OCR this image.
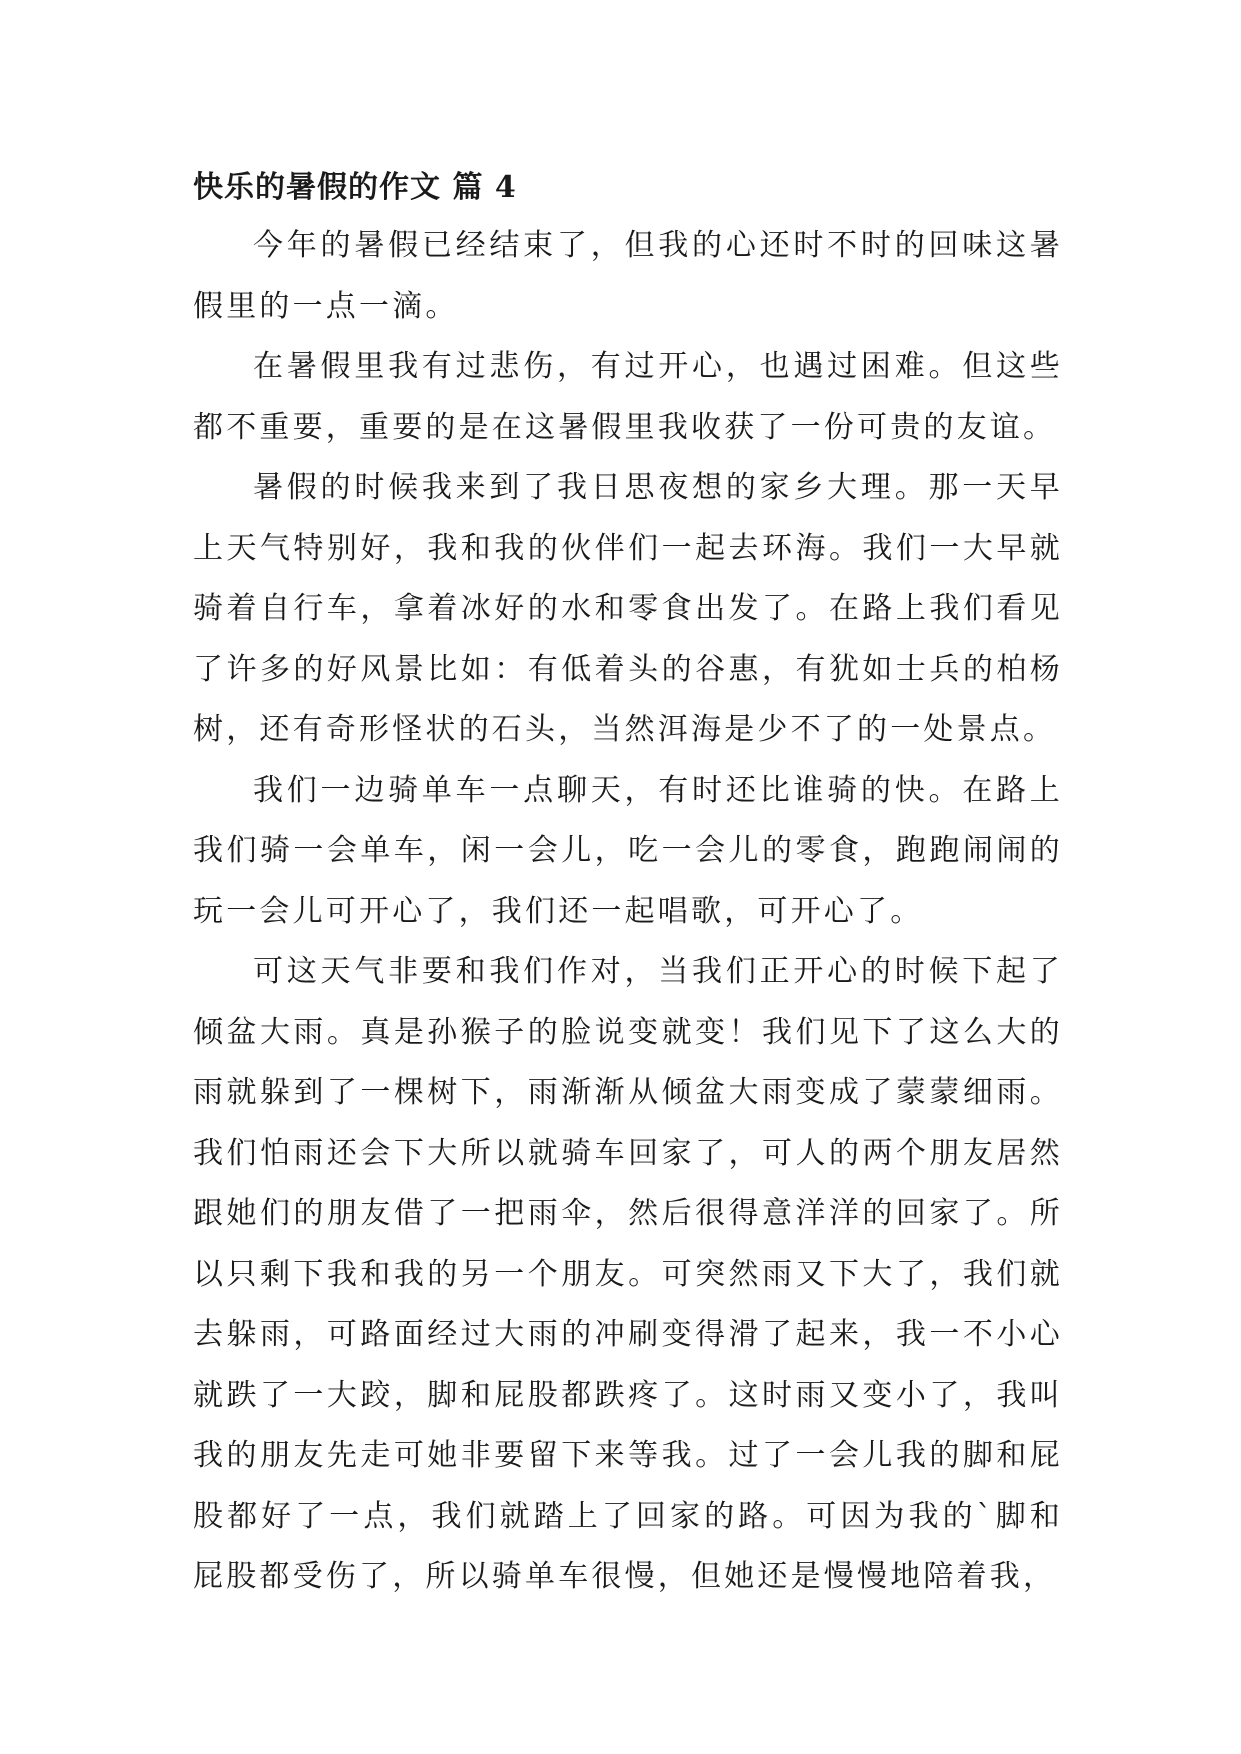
快乐的暑假的作文 篇 4

今年的暑假已经结束了，但我的心还时不时的回味这暑假里的一点一滴。

在暑假里我有过悲伤，有过开心，也遇过困难。但这些都不重要，重要的是在这暑假里我收获了一份可贵的友谊。

暑假的时候我来到了我日思夜想的家乡大理。那一天早上天气特别好，我和我的伙伴们一起去环海。我们一大早就骑着自行车，拿着冰好的水和零食出发了。在路上我们看见了许多的好风景比如：有低着头的谷惠，有犹如士兵的柏杨树，还有奇形怪状的石头，当然洱海是少不了的一处景点。

我们一边骑单车一点聊天，有时还比谁骑的快。在路上我们骑一会单车，闲一会儿，吃一会儿的零食，跑跑闹闹的玩一会儿可开心了，我们还一起唱歌，可开心了。

可这天气非要和我们作对，当我们正开心的时候下起了倾盆大雨。真是孙猴子的脸说变就变！我们见下了这么大的雨就躲到了一棵树下，雨渐渐从倾盆大雨变成了蒙蒙细雨。我们怕雨还会下大所以就骑车回家了，可人的两个朋友居然跟她们的朋友借了一把雨伞，然后很得意洋洋的回家了。所以只剩下我和我的另一个朋友。可突然雨又下大了，我们就去躲雨，可路面经过大雨的冲刷变得滑了起来，我一不小心就跌了一大跤，脚和屁股都跌疼了。这时雨又变小了，我叫我的朋友先走可她非要留下来等我。过了一会儿我的脚和屁股都好了一点，我们就踏上了回家的路。可因为我的`脚和屁股都受伤了，所以骑单车很慢，但她还是慢慢地陪着我，
